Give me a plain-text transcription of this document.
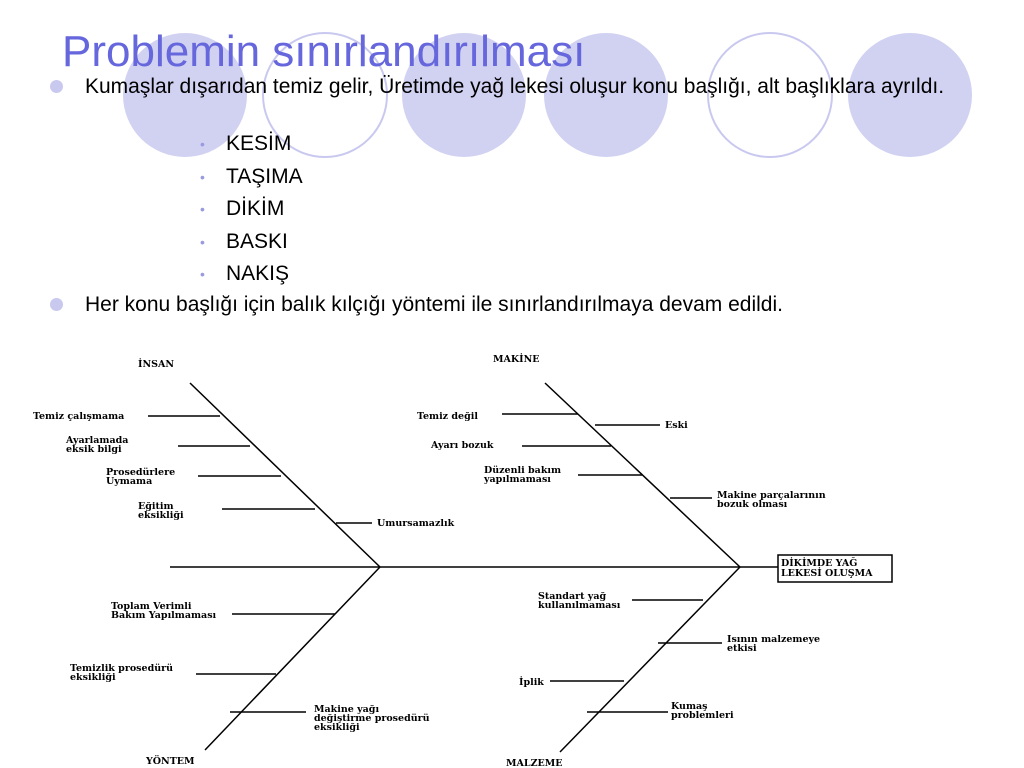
Problemin sınırlandırılması
Kumaşlar dışarıdan temiz gelir, Üretimde yağ lekesi oluşur konu başlığı, alt başlıklara ayrıldı.
• KESİM
• TAŞIMA
• DİKİM
• BASKI
• NAKIŞ
Her konu başlığı için balık kılçığı yöntemi ile sınırlandırılmaya devam edildi.
İNSAN	MAKİNE
YÖNTEM	MALZEME
DİKİMDE YAĞ LEKESİ OLUŞMA
Temiz çalışmama
Ayarlamada eksik bilgi
Prosedürlere Uymama
Eğitim eksikliği
Umursamazlık
Temiz değil
Eski
Ayarı bozuk
Düzenli bakım yapılmaması
Makine parçalarının bozuk olması
Toplam Verimli Bakım Yapılmaması
Temizlik prosedürü eksikliği
Makine yağı değiştirme prosedürü eksikliği
Standart yağ kullanılmaması
Isının malzemeye etkisi
İplik
Kumaş problemleri
